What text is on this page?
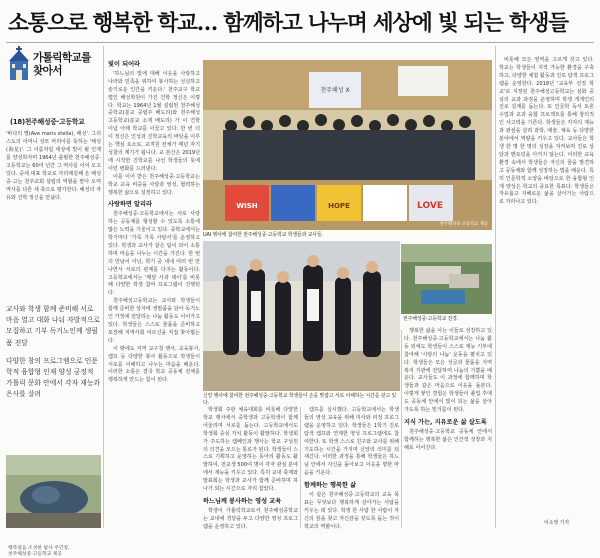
소통으로 행복한 학교… 함께하고 나누며 세상에 빛 되는 학생들
가톨릭학교를 찾아서
(18)천주해성중·고등학교
'바다의 별(Ave maris stella), 해성'. 그리스도의 어머니 성모 마리아를 뜻하는 '해성(海星)'. 그 이름처럼 세상에 빛이 될 인재를 양성하자며 1964년 출범한 천주해성중·고등학교는 60여 년간 그 역사를 이어 오고 있다. 중세 대표 학교로 자리매김해 온 해성중·고는 천주교회 설립의 역할을 맡아 오며 역사를 다른 세 축으로 평가한다. 해성의 자유와 건학 정신을 만났다.

교사와 학생 함께 준비해 서로 마음 열고 대화 나눠 자발적으로 모집하고 기부 독거노인께 생필품 전달

다양한 창의 프로그램으로 인문학적 융합형 인재 양성 궁정적 가톨릭 문화 안에서 각자 재능과 은사를 살려

행복걸음 조성한 탐사 주인장,
천주해성중·고등학교 제공
빛이 되어라

'하느님의 빛에 대해 이웃을 사랑하고 나라와 민족을 위하여 봉사하는 성실하고 슬기로운 인간을 키운다.' 천주교구 학교법인 해성학원이 가진 건학 정신은 이렇다. 학교는 1964년 1월 설립된 천주해성중학교(분교 공립주 배도리)와 천주해성고등학교(분교 소재 배도리) 가 이 건학 이념 아래 학교를 이끌고 있다. 한 번 더 이 정신은 인성과 진학교육의 바탕을 이루는 핵심 요소로, 교직원 전체가 매년 자기 성찰의 계기가 됩니다. 교 본산은 2019년에 시작한 진학교를 나선 학생들의 뜻에 이런 변화를 드러낸다.

이를 이어 받은 천주해성중·고등학교는 학교 교육 비중을 사랑과 영성, 협력하는 행복한 삶으로 설정하고 있다.

사랑하면 알리라

천주해성중·고등학교에서는 서로 사랑하는 공동체를 형성할 수 있도록 소통에 많은 노력을 기울이고 있다. 중학교에서는 학기마다 '가족 가족 사랑서'를 운영하고 있다. 학생과 교사가 같은 팀이 되어 소통하며 마음을 나누는 시간을 가진다. 한 번의 만남이 아닌, 학기 중 내내 여러 번 만나면서 서로의 관계를 다지는 활동이다. 고등학교에서는 '매달 사과 데이'를 비롯해 다양한 학생 참여 프로그램이 진행된다.

천주해성고등학교는 교사와 학생들이 함께 준비한 상자에 생필품을 담아 독거노인 가정에 전달하는 나눔 활동도 이어가고 있다. 학생들은 스스로 물품을 준비하고 포장해 지역사회 어르신을 직접 찾아뵙는다.

이 밖에도 지역 교구청 행사, 교육봉사, 캠프 등 다양한 봉사 활동으로 학생들이 서로를 이해하고 나누는 마음을 배운다. 이러한 소통은 결국 학교 공동체 전체를 행복하게 만드는 힘이 된다.

천주해성 X
LOVE
WISH	HOPE
천주해성중·고등학교 제공
UAI 행사에 참여한 천주해성중·고등학교 학생들과 교사들.
신앙 행사에 참여한 천주해성중·고등학교 학생들이 손을 맞잡고 서로 이해하는 시간을 갖고 있다.
천주해성중·고등학교 전경.

학생회 주관 체육대회를 비롯해 다양한 학교 행사에서 중학생과 고등학생이 함께 어울리며 서로를 돕는다. 고등학교에서도 학생회 중심 자치 활동이 활발하다. 학생회가 주도하는 캠페인과 행사는 학교 구성원의 의견을 모으는 통로가 된다. 학생들이 스스로 기획하고 운영하는 동아리 활동도 활발하여, 전교생 500여 명이 각자 관심 분야에서 재능을 키우고 있다. 특히 교내 축제와 발표회는 학생과 교사가 함께 준비하며 하나가 되는 시간으로 자리 잡았다.

하느님께 봉사하는 영성 교육

학생이 가톨릭학교로서 천주해성중학교는 교내에 경당을 두고 다양한 영성 프로그램을 운영하고 있다.

캠프를 실시했다. 고등학교에서는 학생들의 영성 교육을 위해 미사와 피정 프로그램을 운영하고 있다. 학생들은 1학기 진로 탐색 캠프와 연계한 영성 프로그램에도 참여한다. 또 학생 스스로 친구와 교사를 위해 기도하는 시간을 가지며 신앙의 의미를 되새긴다. 이러한 과정을 통해 학생들은 하느님 안에서 자신을 돌아보고 이웃을 향한 마음을 키운다.

함께하는 행복한 삶

이 같은 천주해성중·고등학교의 교육 목표는 무엇보다 행복하게 살아가는 사람을 키우는 데 있다. 학생 한 사람 한 사람이 자신의 꿈을 찾고 자신감을 갖도록 돕는 것이 학교의 역할이다.

행복한 삶을 사는 이들로 성장하고 있다. 천주해성중·고등학교에서는 나눔 활동 외에도 학생들이 스스로 재능 기부에 참여해 '사랑의 나눔' 운동을 펼치고 있다. 학생들은 모은 성금과 물품을 지역 복지 기관에 전달하며 나눔의 기쁨을 배운다. 교사들도 이 과정에 함께하며 학생들과 같은 마음으로 이웃을 돌본다. 이렇게 쌓인 경험은 학생들이 졸업 후에도 공동체 안에서 빛이 되는 삶을 살아가도록 하는 밑거름이 된다.

지식 가는, 지유로운 삶 살도록

천주해성중·고등학교 공동체 안에서 함께하는 행복한 삶은 인간적 성장과 지혜로 이어진다.

비롯해 모든 영역을 고르게 갖고 있다. 학교는 학생들이 지적 가능한 환경을 구축하고, 다양한 체험 활동과 진로 탐색 프로그램을 운영한다. 2018년 '교육부 선정 학교'로 지정된 천주해성고등학교는 심화 중심의 교과 과정을 운영하며 학생 개개인의 진로 설계를 돕는다. 또 인문학 독서 토론 수업과 교과 융합 프로젝트를 통해 창의적인 사고력을 기른다. 학생들은 각자의 재능과 관심을 살려 과학, 예술, 체육 등 다양한 분야에서 역량을 키우고 있다. 교사들은 학생 한 명 한 명의 성장을 지켜보며 진로 상담과 멘토링을 아끼지 않는다. 이러한 교육 환경 속에서 학생들은 자신의 꿈을 발견하고 공동체와 함께 성장하는 법을 배운다. 특히 인문학적 소양을 바탕으로 한 융합형 인재 양성은 학교의 중요한 목표다. 학생들은 자유롭고 지혜로운 삶을 살아가는 사람으로 자라나고 있다.

이소영 기자
